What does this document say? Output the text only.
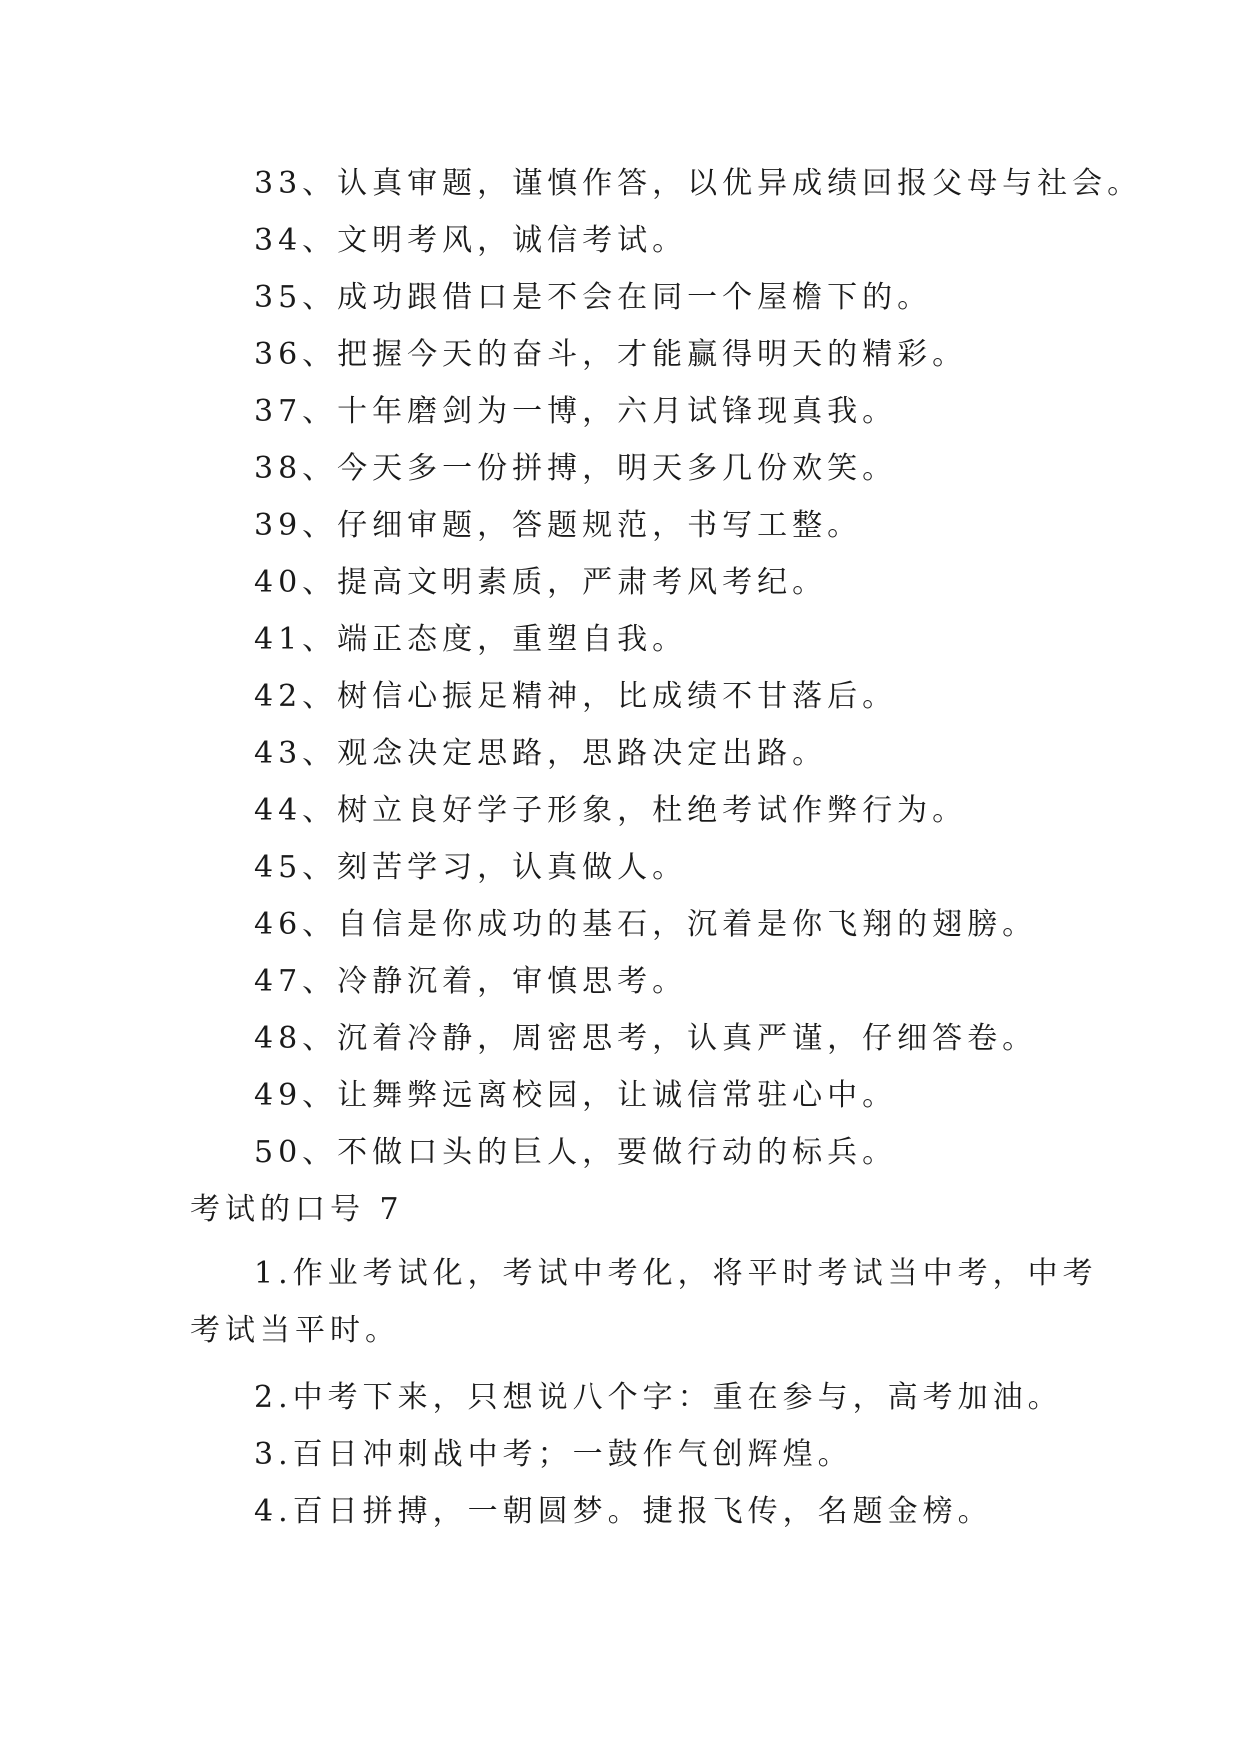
33、认真审题，谨慎作答，以优异成绩回报父母与社会。
34、文明考风，诚信考试。
35、成功跟借口是不会在同一个屋檐下的。
36、把握今天的奋斗，才能赢得明天的精彩。
37、十年磨剑为一博，六月试锋现真我。
38、今天多一份拼搏，明天多几份欢笑。
39、仔细审题，答题规范，书写工整。
40、提高文明素质，严肃考风考纪。
41、端正态度，重塑自我。
42、树信心振足精神，比成绩不甘落后。
43、观念决定思路，思路决定出路。
44、树立良好学子形象，杜绝考试作弊行为。
45、刻苦学习，认真做人。
46、自信是你成功的基石，沉着是你飞翔的翅膀。
47、冷静沉着，审慎思考。
48、沉着冷静，周密思考，认真严谨，仔细答卷。
49、让舞弊远离校园，让诚信常驻心中。
50、不做口头的巨人，要做行动的标兵。
考试的口号 7
1.作业考试化，考试中考化，将平时考试当中考，中考
考试当平时。
2.中考下来，只想说八个字：重在参与，高考加油。
3.百日冲刺战中考；一鼓作气创辉煌。
4.百日拼搏，一朝圆梦。捷报飞传，名题金榜。
